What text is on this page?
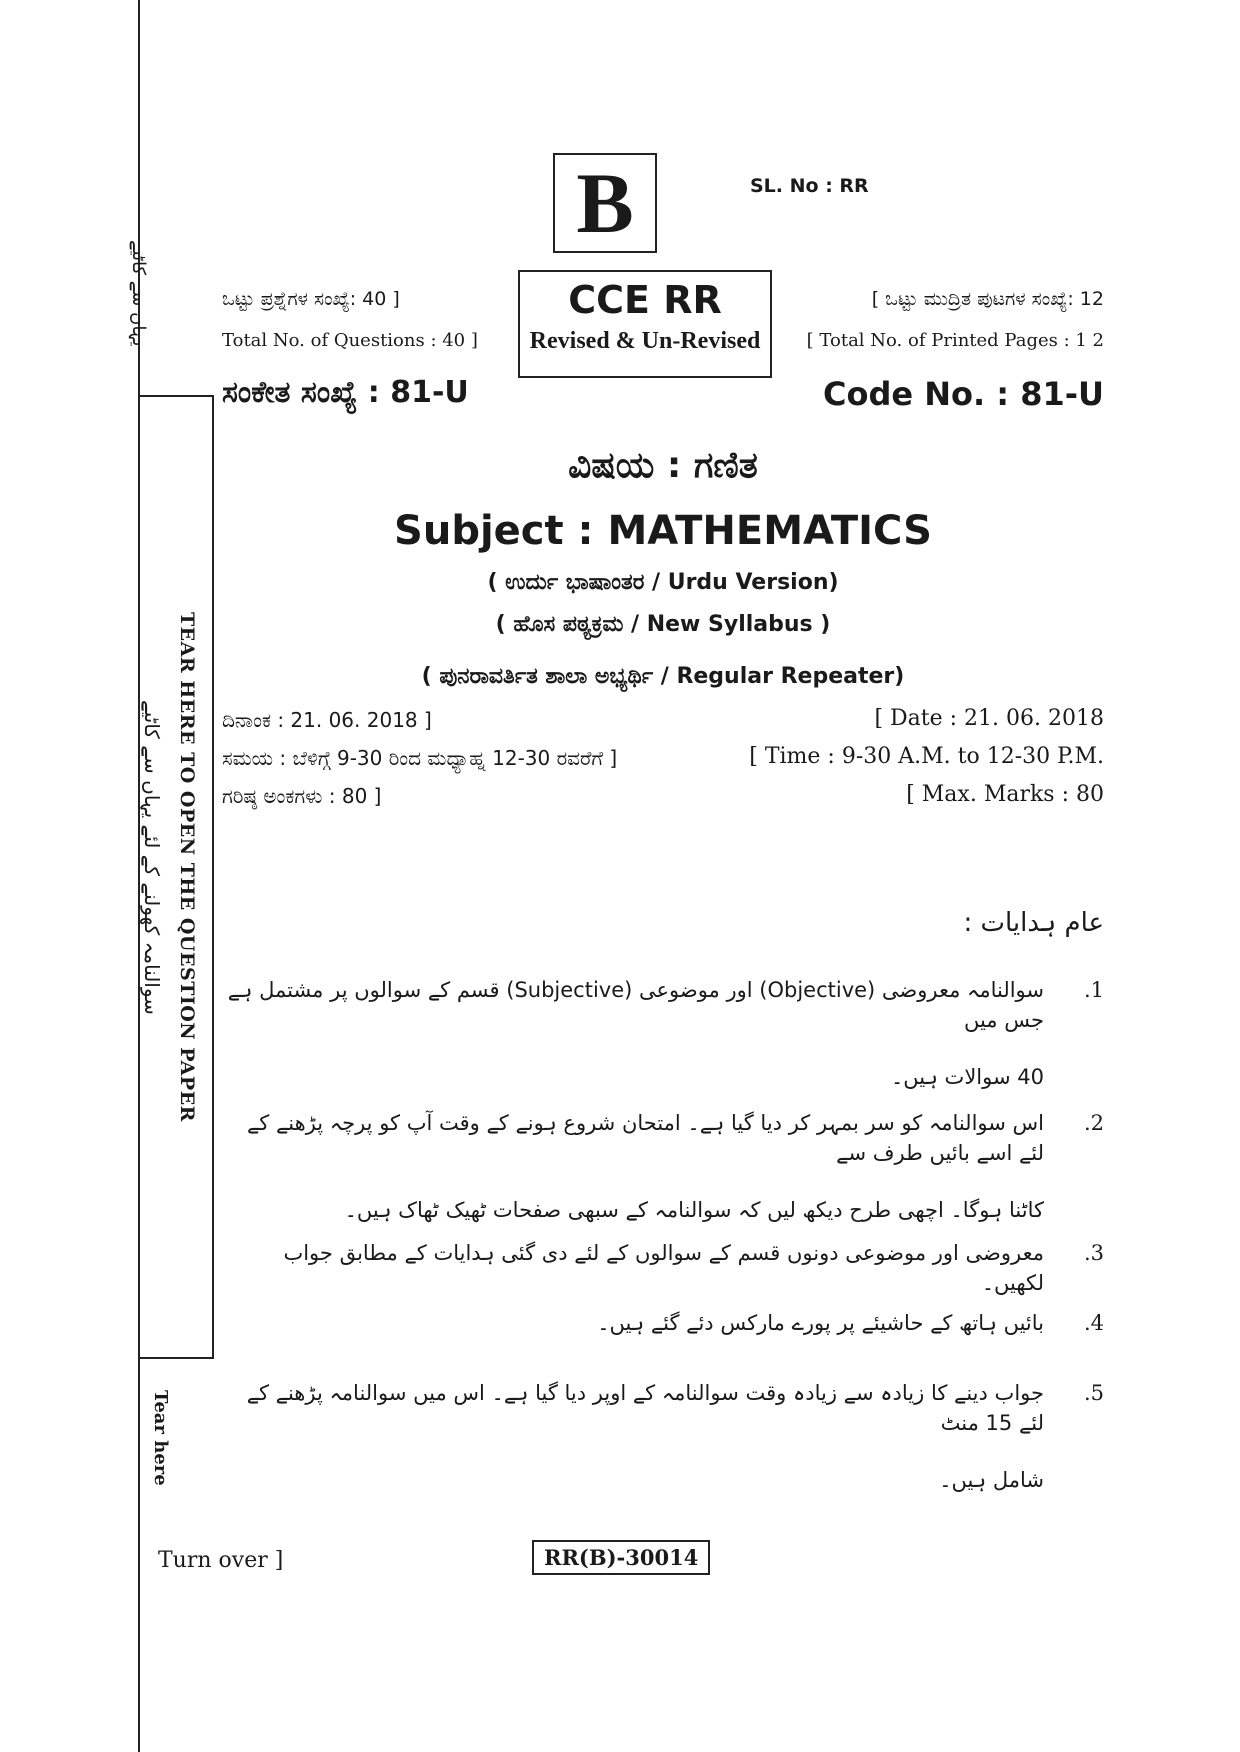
یہاں سے کاٹیے
TEAR HERE TO OPEN THE QUESTION PAPER
سوالنامہ کھولنے کے لئے یہاں سے کاٹیے
Tear here
B	SL. No : RR
ಒಟ್ಟು ಪ್ರಶ್ನೆಗಳ ಸಂಖ್ಯೆ: 40 ]
Total No. of Questions : 40 ]
CCE RR
Revised & Un-Revised
[ ಒಟ್ಟು ಮುದ್ರಿತ ಪುಟಗಳ ಸಂಖ್ಯೆ: 12
[ Total No. of Printed Pages : 1 2
ಸಂಕೇತ ಸಂಖ್ಯೆ : 81-U	Code No. : 81-U
ವಿಷಯ : ಗಣಿತ
Subject : MATHEMATICS
( ಉರ್ದು ಭಾಷಾಂತರ / Urdu Version)
( ಹೊಸ ಪಠ್ಯಕ್ರಮ / New Syllabus )
( ಪುನರಾವರ್ತಿತ ಶಾಲಾ ಅಭ್ಯರ್ಥಿ / Regular Repeater)
ದಿನಾಂಕ : 21. 06. 2018 ]	[ Date : 21. 06. 2018
ಸಮಯ : ಬೆಳಿಗ್ಗೆ 9-30 ರಿಂದ ಮಧ್ಯಾಹ್ನ 12-30 ರವರೆಗೆ ]	[ Time : 9-30 A.M. to 12-30 P.M.
ಗರಿಷ್ಠ ಅಂಕಗಳು : 80 ]	[ Max. Marks : 80
عام ہدایات :
1.
سوالنامہ معروضی (Objective) اور موضوعی (Subjective) قسم کے سوالوں پر مشتمل ہے جس میں
40 سوالات ہیں۔
2.
اس سوالنامہ کو سر بمہر کر دیا گیا ہے۔ امتحان شروع ہونے کے وقت آپ کو پرچہ پڑھنے کے لئے اسے بائیں طرف سے
کاٹنا ہوگا۔ اچھی طرح دیکھ لیں کہ سوالنامہ کے سبھی صفحات ٹھیک ٹھاک ہیں۔
3.
معروضی اور موضوعی دونوں قسم کے سوالوں کے لئے دی گئی ہدایات کے مطابق جواب لکھیں۔
4.
بائیں ہاتھ کے حاشیئے پر پورے مارکس دئے گئے ہیں۔
5.
جواب دینے کا زیادہ سے زیادہ وقت سوالنامہ کے اوپر دیا گیا ہے۔ اس میں سوالنامہ پڑھنے کے لئے 15 منٹ
شامل ہیں۔
Turn over ]	RR(B)-30014
